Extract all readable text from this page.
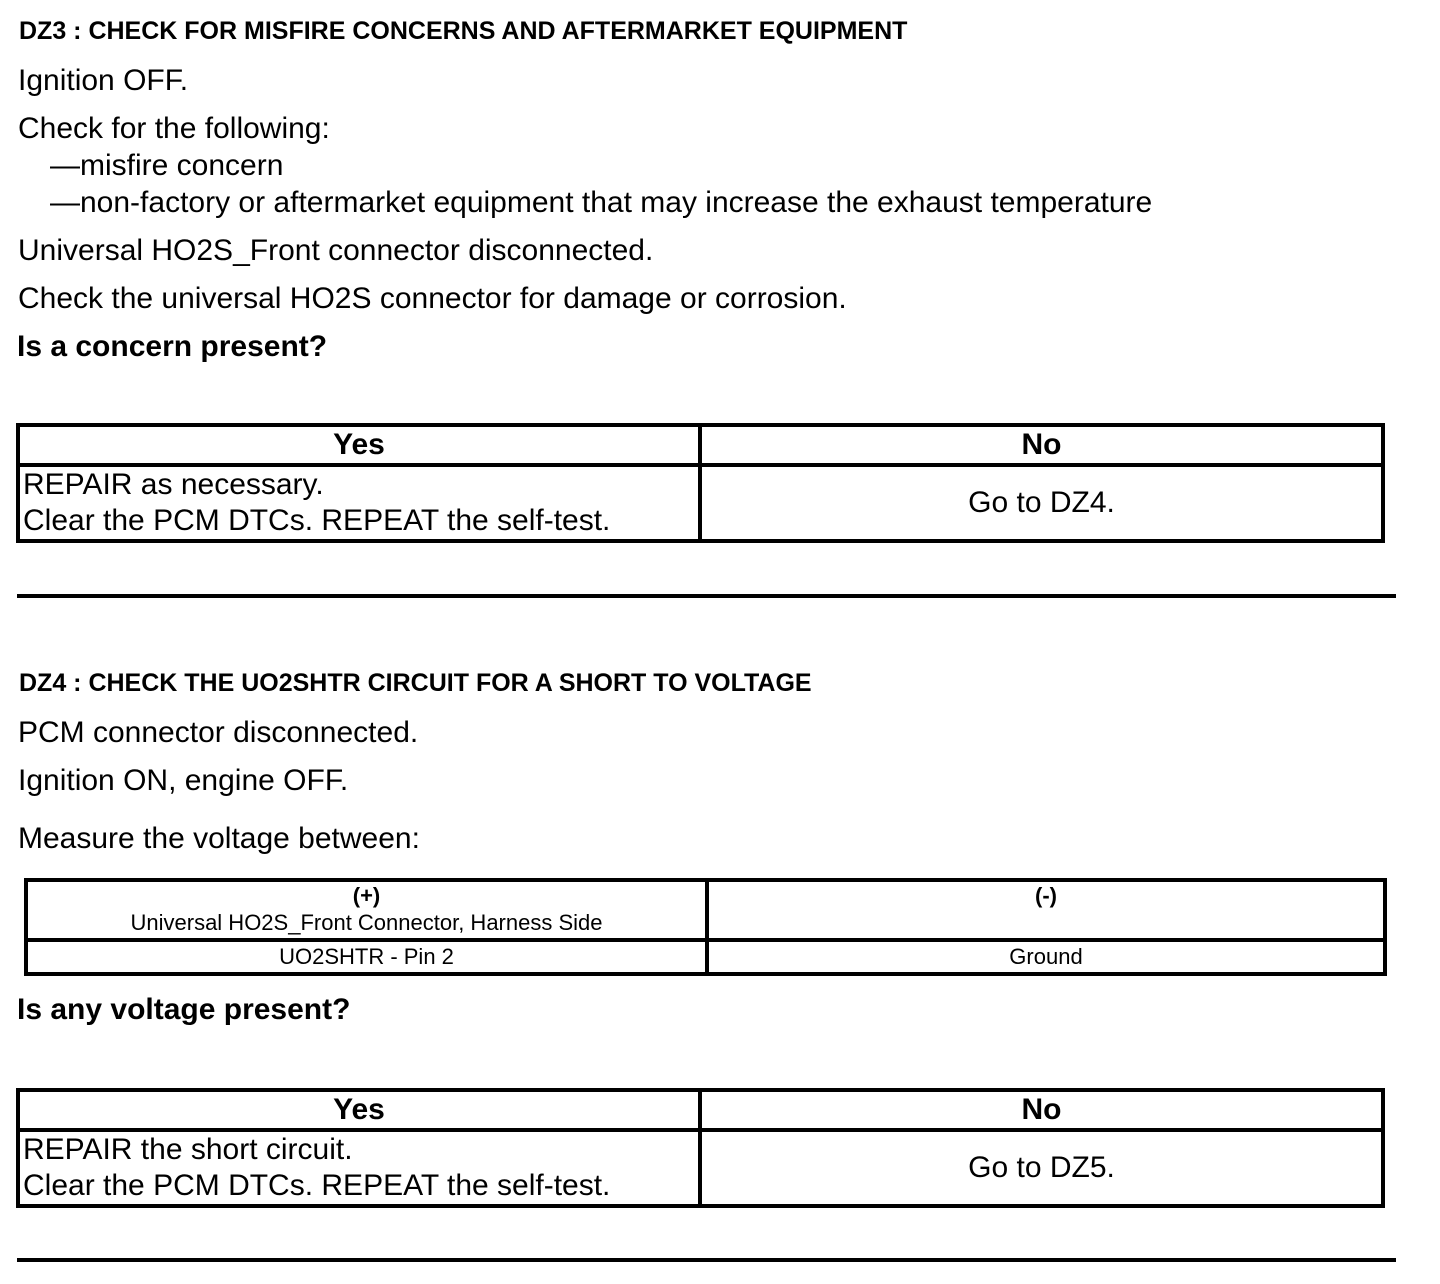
DZ3 : CHECK FOR MISFIRE CONCERNS AND AFTERMARKET EQUIPMENT
Ignition OFF.
Check for the following:
—misfire concern
—non-factory or aftermarket equipment that may increase the exhaust temperature
Universal HO2S_Front connector disconnected.
Check the universal HO2S connector for damage or corrosion.
Is a concern present?
Yes	No

REPAIR as necessary.
Clear the PCM DTCs. REPEAT the self-test.	Go to DZ4.
DZ4 : CHECK THE UO2SHTR CIRCUIT FOR A SHORT TO VOLTAGE
PCM connector disconnected.
Ignition ON, engine OFF.
Measure the voltage between:
(+)
Universal HO2S_Front Connector, Harness Side	(-)

UO2SHTR - Pin 2	Ground
Is any voltage present?
Yes	No

REPAIR the short circuit.
Clear the PCM DTCs. REPEAT the self-test.	Go to DZ5.
